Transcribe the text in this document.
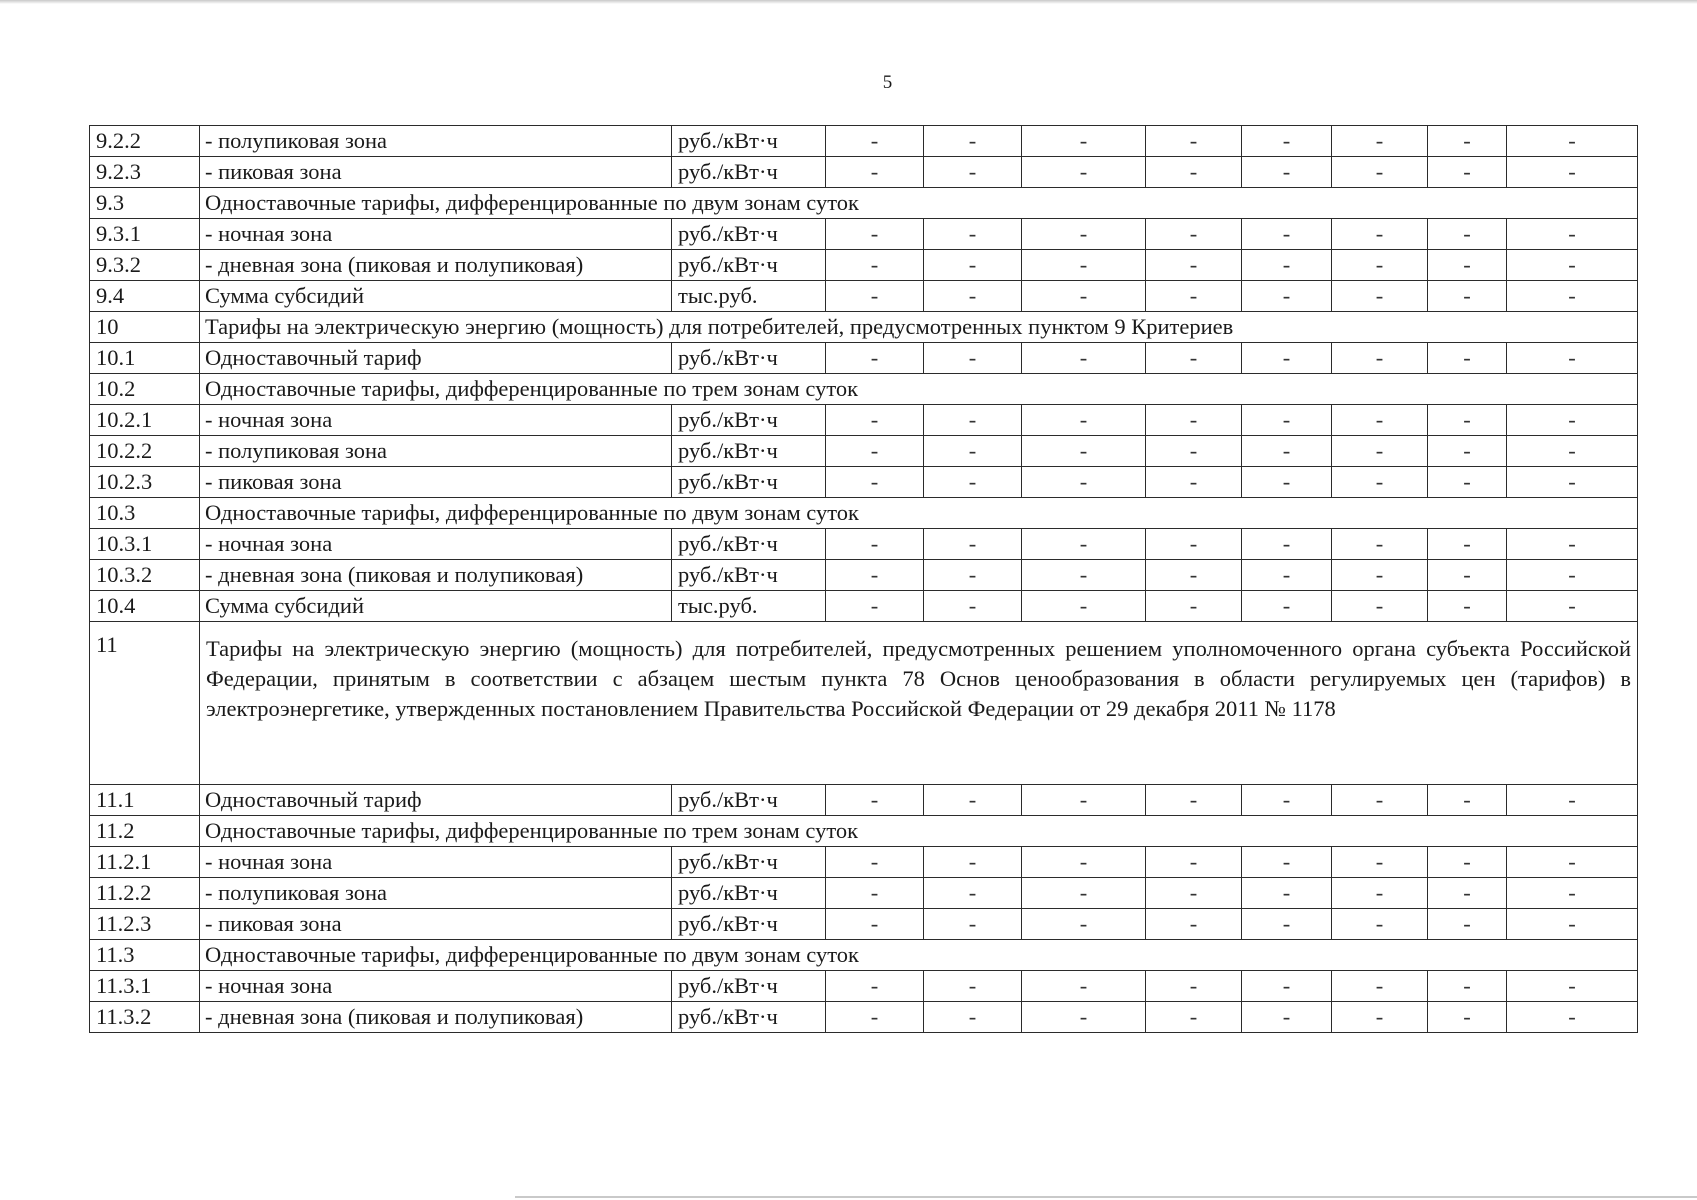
5
9.2.2	- полупиковая зона	руб./кВт·ч	-	-	-	-	-	-	-	-
9.2.3	- пиковая зона	руб./кВт·ч	-	-	-	-	-	-	-	-
9.3	Одноставочные тарифы, дифференцированные по двум зонам суток									
9.3.1	- ночная зона	руб./кВт·ч	-	-	-	-	-	-	-	-
9.3.2	- дневная зона (пиковая и полупиковая)	руб./кВт·ч	-	-	-	-	-	-	-	-
9.4	Сумма субсидий	тыс.руб.	-	-	-	-	-	-	-	-
10	Тарифы на электрическую энергию (мощность) для потребителей, предусмотренных пунктом 9 Критериев									
10.1	Одноставочный тариф	руб./кВт·ч	-	-	-	-	-	-	-	-
10.2	Одноставочные тарифы, дифференцированные по трем зонам суток									
10.2.1	- ночная зона	руб./кВт·ч	-	-	-	-	-	-	-	-
10.2.2	- полупиковая зона	руб./кВт·ч	-	-	-	-	-	-	-	-
10.2.3	- пиковая зона	руб./кВт·ч	-	-	-	-	-	-	-	-
10.3	Одноставочные тарифы, дифференцированные по двум зонам суток									
10.3.1	- ночная зона	руб./кВт·ч	-	-	-	-	-	-	-	-
10.3.2	- дневная зона (пиковая и полупиковая)	руб./кВт·ч	-	-	-	-	-	-	-	-
10.4	Сумма субсидий	тыс.руб.	-	-	-	-	-	-	-	-
11	Тарифы на электрическую энергию (мощность) для потребителей, предусмотренных решением уполномоченного органа субъекта Российской Федерации, принятым в соответствии с абзацем шестым пункта 78 Основ ценообразования в области регулируемых цен (тарифов) в электроэнергетике, утвержденных постановлением Правительства Российской Федерации от 29 декабря 2011 № 1178									
11.1	Одноставочный тариф	руб./кВт·ч	-	-	-	-	-	-	-	-
11.2	Одноставочные тарифы, дифференцированные по трем зонам суток									
11.2.1	- ночная зона	руб./кВт·ч	-	-	-	-	-	-	-	-
11.2.2	- полупиковая зона	руб./кВт·ч	-	-	-	-	-	-	-	-
11.2.3	- пиковая зона	руб./кВт·ч	-	-	-	-	-	-	-	-
11.3	Одноставочные тарифы, дифференцированные по двум зонам суток									
11.3.1	- ночная зона	руб./кВт·ч	-	-	-	-	-	-	-	-
11.3.2	- дневная зона (пиковая и полупиковая)	руб./кВт·ч	-	-	-	-	-	-	-	-
